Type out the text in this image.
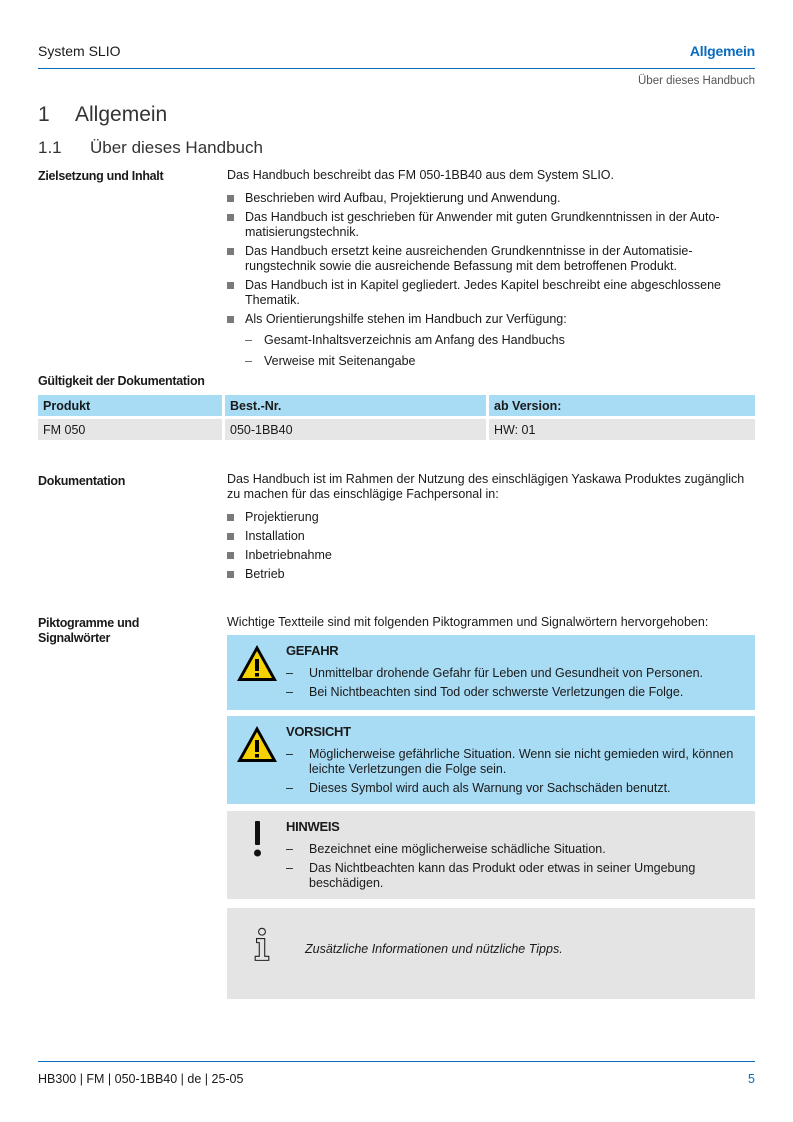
System SLIO	Allgemein
Über dieses Handbuch
1 Allgemein
1.1 Über dieses Handbuch
Zielsetzung und Inhalt	Das Handbuch beschreibt das FM 050-1BB40 aus dem System SLIO.

Beschrieben wird Aufbau, Projektierung und Anwendung.
Das Handbuch ist geschrieben für Anwender mit guten Grundkenntnissen in der Auto-matisierungstechnik.
Das Handbuch ersetzt keine ausreichenden Grundkenntnisse in der Automatisie-rungstechnik sowie die ausreichende Befassung mit dem betroffenen Produkt.
Das Handbuch ist in Kapitel gegliedert. Jedes Kapitel beschreibt eine abgeschlossene Thematik.
Als Orientierungshilfe stehen im Handbuch zur Verfügung:
– Gesamt-Inhaltsverzeichnis am Anfang des Handbuchs
– Verweise mit Seitenangabe
Gültigkeit der Dokumentation
Produkt	Best.-Nr.	ab Version:
FM 050	050-1BB40	HW: 01
Dokumentation	Das Handbuch ist im Rahmen der Nutzung des einschlägigen Yaskawa Produktes zugänglich zu machen für das einschlägige Fachpersonal in:

Projektierung
Installation
Inbetriebnahme
Betrieb
Piktogramme und Signalwörter
Wichtige Textteile sind mit folgenden Piktogrammen und Signalwörtern hervorgehoben:
GEFAHR
– Unmittelbar drohende Gefahr für Leben und Gesundheit von Personen.
– Bei Nichtbeachten sind Tod oder schwerste Verletzungen die Folge.
VORSICHT
– Möglicherweise gefährliche Situation. Wenn sie nicht gemieden wird, können leichte Verletzungen die Folge sein.
– Dieses Symbol wird auch als Warnung vor Sachschäden benutzt.
HINWEIS
– Bezeichnet eine möglicherweise schädliche Situation.
– Das Nichtbeachten kann das Produkt oder etwas in seiner Umgebung beschädigen.
Zusätzliche Informationen und nützliche Tipps.
HB300 | FM | 050-1BB40 | de | 25-05	5
